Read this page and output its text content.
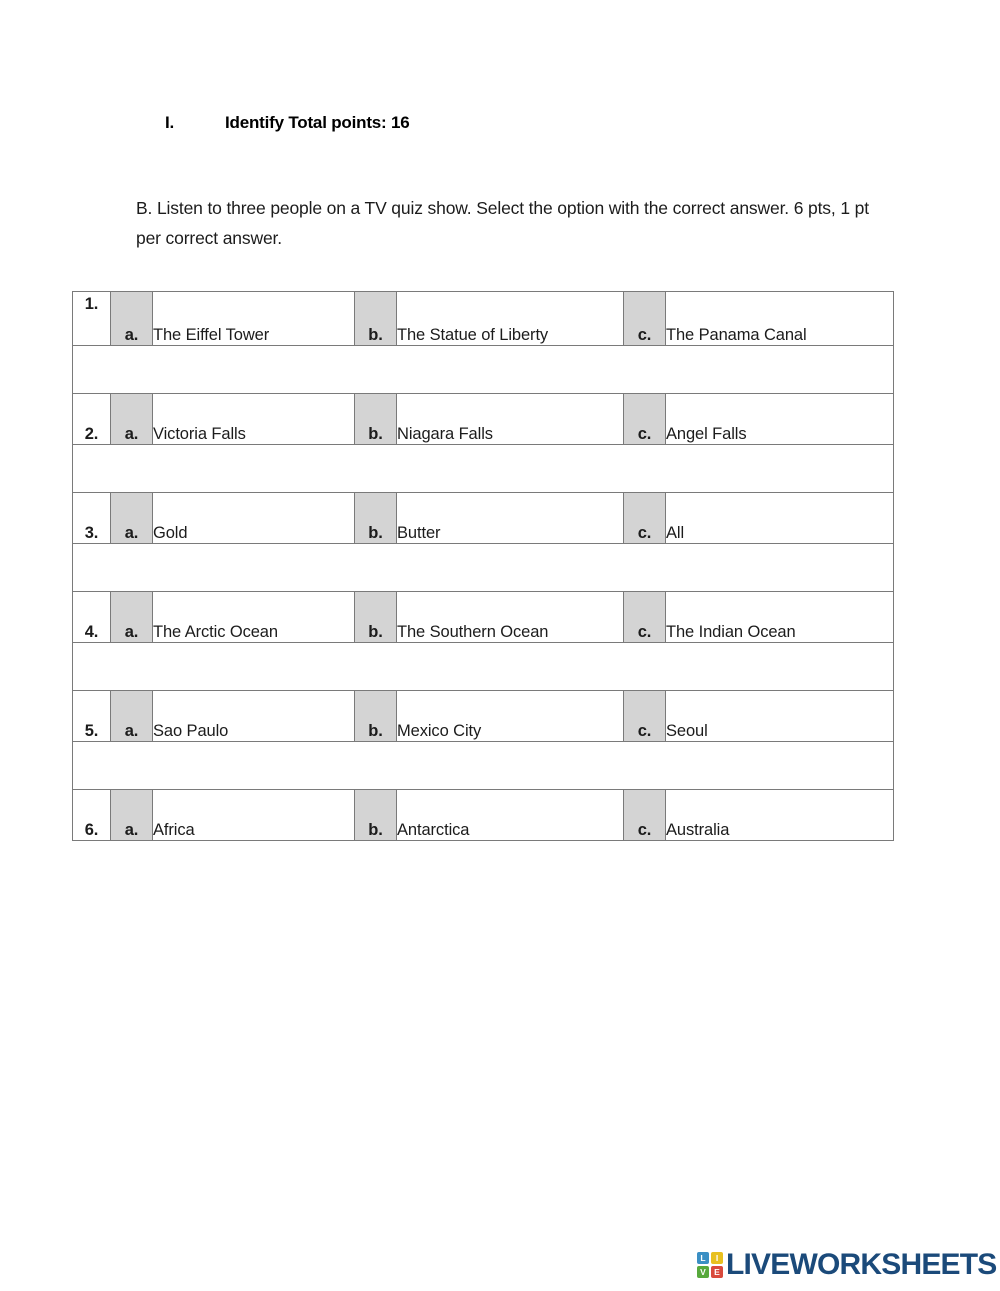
I.	Identify Total points: 16
B. Listen to three people on a TV quiz show. Select the option with the correct answer. 6 pts, 1 pt per correct answer.
1.	a.	The Eiffel Tower	b.	The Statue of Liberty	c.	The Panama Canal

2.	a.	Victoria Falls	b.	Niagara Falls	c.	Angel Falls

3.	a.	Gold	b.	Butter	c.	All

4.	a.	The Arctic Ocean	b.	The Southern Ocean	c.	The Indian Ocean

5.	a.	Sao Paulo	b.	Mexico City	c.	Seoul

6.	a.	Africa	b.	Antarctica	c.	Australia
L	I
V E LIVEWORKSHEETS
